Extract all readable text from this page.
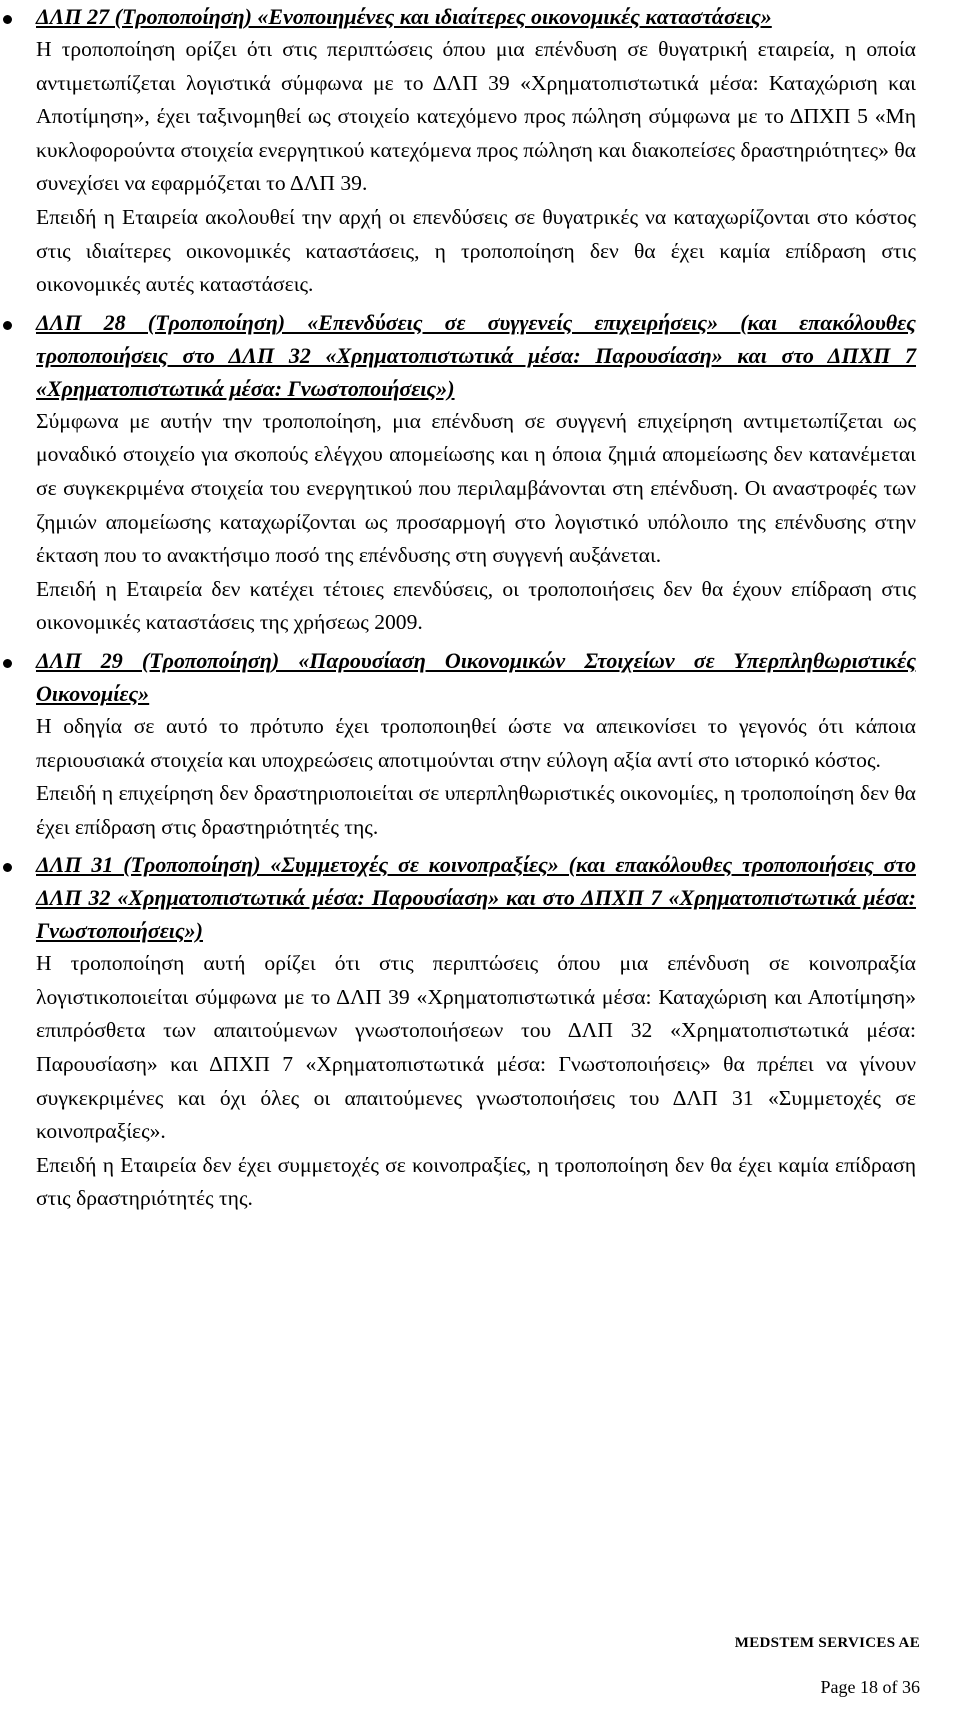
ΔΛΠ 27 (Τροποποίηση) «Ενοποιημένες και ιδιαίτερες οικονομικές καταστάσεις»

Η τροποποίηση ορίζει ότι στις περιπτώσεις όπου μια επένδυση σε θυγατρική εταιρεία, η οποία αντιμετωπίζεται λογιστικά σύμφωνα με το ΔΛΠ 39 «Χρηματοπιστωτικά μέσα: Καταχώριση και Αποτίμηση», έχει ταξινομηθεί ως στοιχείο κατεχόμενο προς πώληση σύμφωνα με το ΔΠΧΠ 5 «Μη κυκλοφορούντα στοιχεία ενεργητικού κατεχόμενα προς πώληση και διακοπείσες δραστηριότητες» θα συνεχίσει να εφαρμόζεται το ΔΛΠ 39.

Επειδή η Εταιρεία ακολουθεί την αρχή οι επενδύσεις σε θυγατρικές να καταχωρίζονται στο κόστος στις ιδιαίτερες οικονομικές καταστάσεις, η τροποποίηση δεν θα έχει καμία επίδραση στις οικονομικές αυτές καταστάσεις.

ΔΛΠ 28 (Τροποποίηση) «Επενδύσεις σε συγγενείς επιχειρήσεις» (και επακόλουθες τροποποιήσεις στο ΔΛΠ 32 «Χρηματοπιστωτικά μέσα: Παρουσίαση» και στο ΔΠΧΠ 7 «Χρηματοπιστωτικά μέσα: Γνωστοποιήσεις»)

Σύμφωνα με αυτήν την τροποποίηση, μια επένδυση σε συγγενή επιχείρηση αντιμετωπίζεται ως μοναδικό στοιχείο για σκοπούς ελέγχου απομείωσης και η όποια ζημιά απομείωσης δεν κατανέμεται σε συγκεκριμένα στοιχεία του ενεργητικού που περιλαμβάνονται στη επένδυση. Οι αναστροφές των ζημιών απομείωσης καταχωρίζονται ως προσαρμογή στο λογιστικό υπόλοιπο της επένδυσης στην έκταση που το ανακτήσιμο ποσό της επένδυσης στη συγγενή αυξάνεται.

Επειδή η Εταιρεία δεν κατέχει τέτοιες επενδύσεις, οι τροποποιήσεις δεν θα έχουν επίδραση στις οικονομικές καταστάσεις της χρήσεως 2009.

ΔΛΠ 29 (Τροποποίηση) «Παρουσίαση Οικονομικών Στοιχείων σε Υπερπληθωριστικές Οικονομίες»

Η οδηγία σε αυτό το πρότυπο έχει τροποποιηθεί ώστε να απεικονίσει το γεγονός ότι κάποια περιουσιακά στοιχεία και υποχρεώσεις αποτιμούνται στην εύλογη αξία αντί στο ιστορικό κόστος.

Επειδή η επιχείρηση δεν δραστηριοποιείται σε υπερπληθωριστικές οικονομίες, η τροποποίηση δεν θα έχει επίδραση στις δραστηριότητές της.

ΔΛΠ 31 (Τροποποίηση) «Συμμετοχές σε κοινοπραξίες» (και επακόλουθες τροποποιήσεις στο ΔΛΠ 32 «Χρηματοπιστωτικά μέσα: Παρουσίαση» και στο ΔΠΧΠ 7 «Χρηματοπιστωτικά μέσα: Γνωστοποιήσεις»)

Η τροποποίηση αυτή ορίζει ότι στις περιπτώσεις όπου μια επένδυση σε κοινοπραξία λογιστικοποιείται σύμφωνα με το ΔΛΠ 39 «Χρηματοπιστωτικά μέσα: Καταχώριση και Αποτίμηση» επιπρόσθετα των απαιτούμενων γνωστοποιήσεων του ΔΛΠ 32 «Χρηματοπιστωτικά μέσα: Παρουσίαση» και ΔΠΧΠ 7 «Χρηματοπιστωτικά μέσα: Γνωστοποιήσεις» θα πρέπει να γίνουν συγκεκριμένες και όχι όλες οι απαιτούμενες γνωστοποιήσεις του ΔΛΠ 31 «Συμμετοχές σε κοινοπραξίες».

Επειδή η Εταιρεία δεν έχει συμμετοχές σε κοινοπραξίες, η τροποποίηση δεν θα έχει καμία επίδραση στις δραστηριότητές της.

MEDSTEM SERVICES AE
Page 18 of 36
